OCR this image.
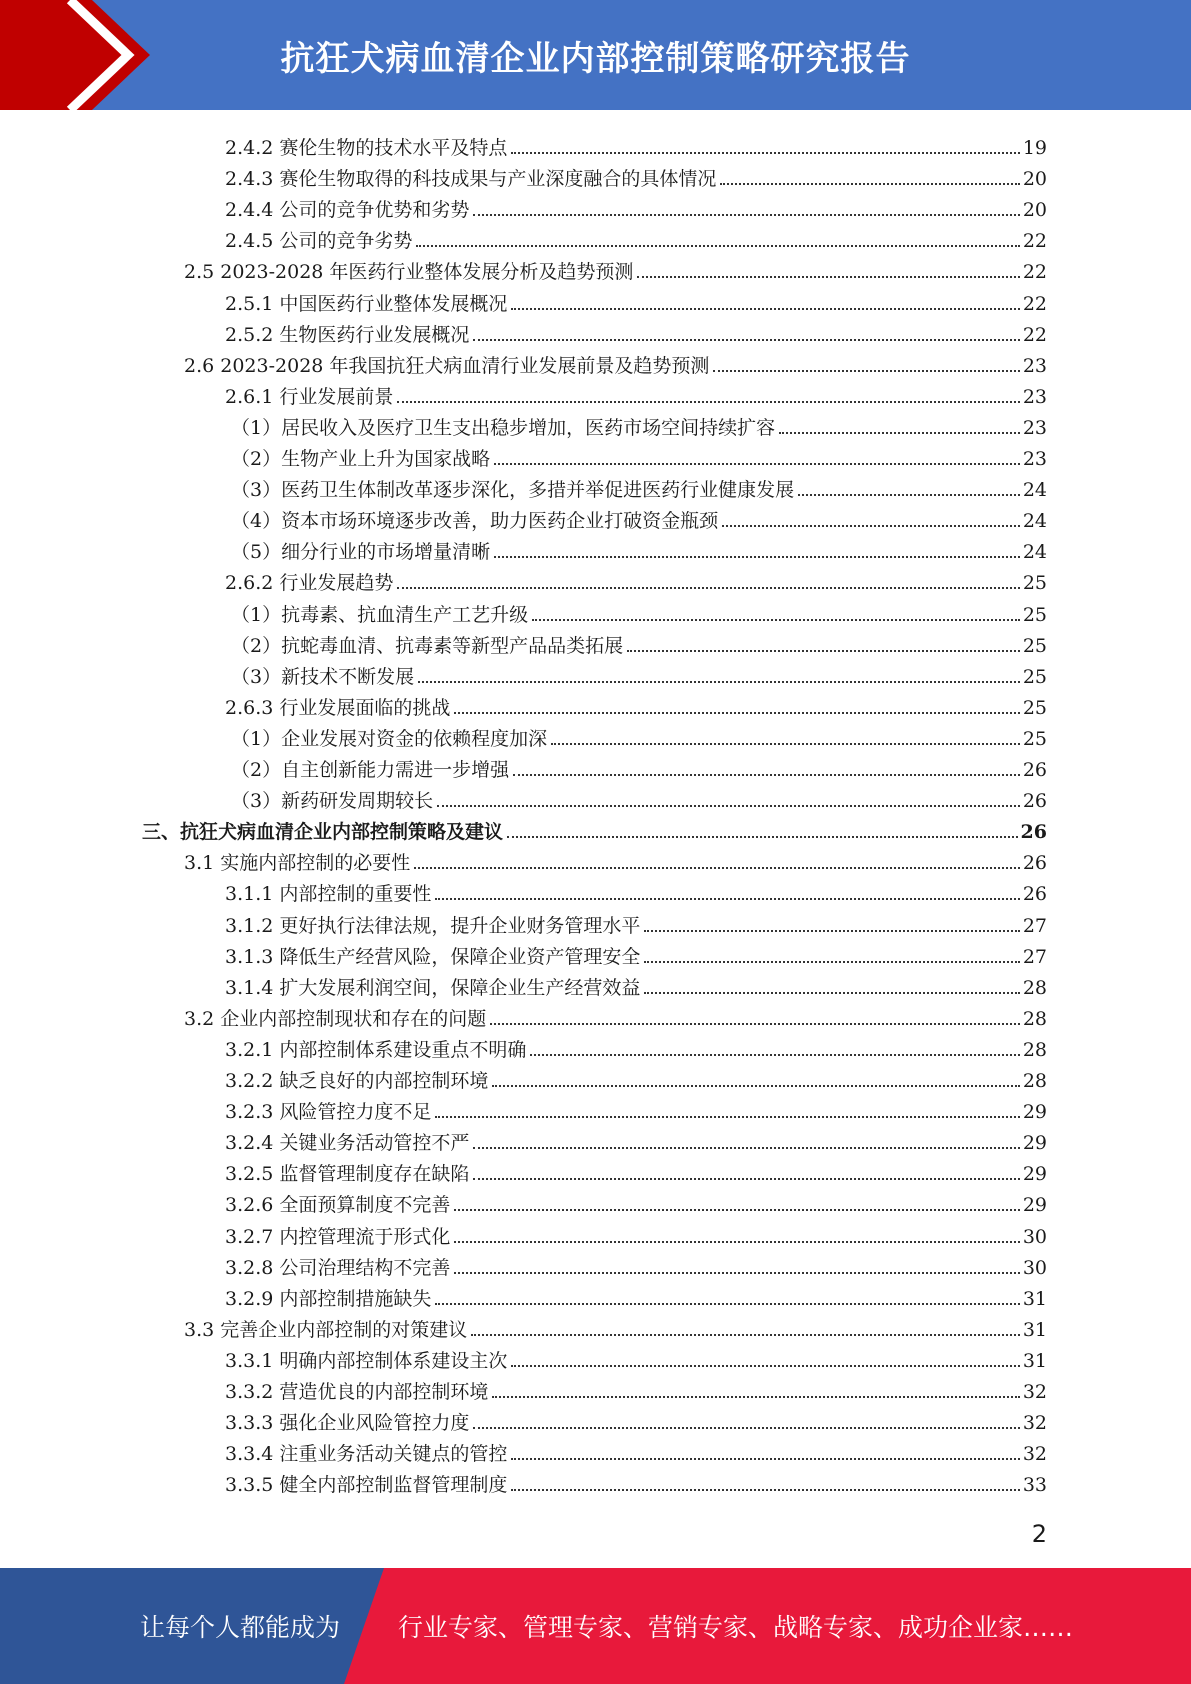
抗狂犬病血清企业内部控制策略研究报告
2.4.2 赛伦生物的技术水平及特点	19
2.4.3 赛伦生物取得的科技成果与产业深度融合的具体情况	20
2.4.4 公司的竞争优势和劣势	20
2.4.5 公司的竞争劣势	22
2.5 2023-2028 年医药行业整体发展分析及趋势预测	22
2.5.1 中国医药行业整体发展概况	22
2.5.2 生物医药行业发展概况	22
2.6 2023-2028 年我国抗狂犬病血清行业发展前景及趋势预测	23
2.6.1 行业发展前景	23
（1）居民收入及医疗卫生支出稳步增加，医药市场空间持续扩容	23
（2）生物产业上升为国家战略	23
（3）医药卫生体制改革逐步深化，多措并举促进医药行业健康发展	24
（4）资本市场环境逐步改善，助力医药企业打破资金瓶颈	24
（5）细分行业的市场增量清晰	24
2.6.2 行业发展趋势	25
（1）抗毒素、抗血清生产工艺升级	25
（2）抗蛇毒血清、抗毒素等新型产品品类拓展	25
（3）新技术不断发展	25
2.6.3 行业发展面临的挑战	25
（1）企业发展对资金的依赖程度加深	25
（2）自主创新能力需进一步增强	26
（3）新药研发周期较长	26
三、抗狂犬病血清企业内部控制策略及建议	26
3.1 实施内部控制的必要性	26
3.1.1 内部控制的重要性	26
3.1.2 更好执行法律法规，提升企业财务管理水平	27
3.1.3 降低生产经营风险，保障企业资产管理安全	27
3.1.4 扩大发展利润空间，保障企业生产经营效益	28
3.2 企业内部控制现状和存在的问题	28
3.2.1 内部控制体系建设重点不明确	28
3.2.2 缺乏良好的内部控制环境	28
3.2.3 风险管控力度不足	29
3.2.4 关键业务活动管控不严	29
3.2.5 监督管理制度存在缺陷	29
3.2.6 全面预算制度不完善	29
3.2.7 内控管理流于形式化	30
3.2.8 公司治理结构不完善	30
3.2.9 内部控制措施缺失	31
3.3 完善企业内部控制的对策建议	31
3.3.1 明确内部控制体系建设主次	31
3.3.2 营造优良的内部控制环境	32
3.3.3 强化企业风险管控力度	32
3.3.4 注重业务活动关键点的管控	32
3.3.5 健全内部控制监督管理制度	33
2
让每个人都能成为 行业专家、管理专家、营销专家、战略专家、成功企业家……
